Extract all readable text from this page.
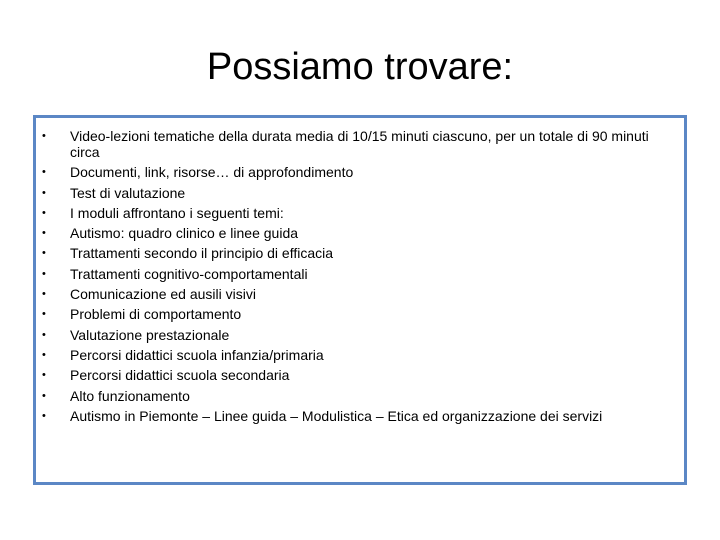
Possiamo trovare:
•	Video-lezioni tematiche della durata media di 10/15 minuti ciascuno, per un totale di 90 minuti circa
•	Documenti, link, risorse… di approfondimento
•	Test di valutazione
•	I moduli affrontano i seguenti temi:
•	Autismo: quadro clinico e linee guida
•	Trattamenti secondo il principio di efficacia
•	Trattamenti cognitivo-comportamentali
•	Comunicazione ed ausili visivi
•	Problemi di comportamento
•	Valutazione prestazionale
•	Percorsi didattici scuola infanzia/primaria
•	Percorsi didattici scuola secondaria
•	Alto funzionamento
•	Autismo in Piemonte – Linee guida – Modulistica – Etica ed organizzazione dei servizi
